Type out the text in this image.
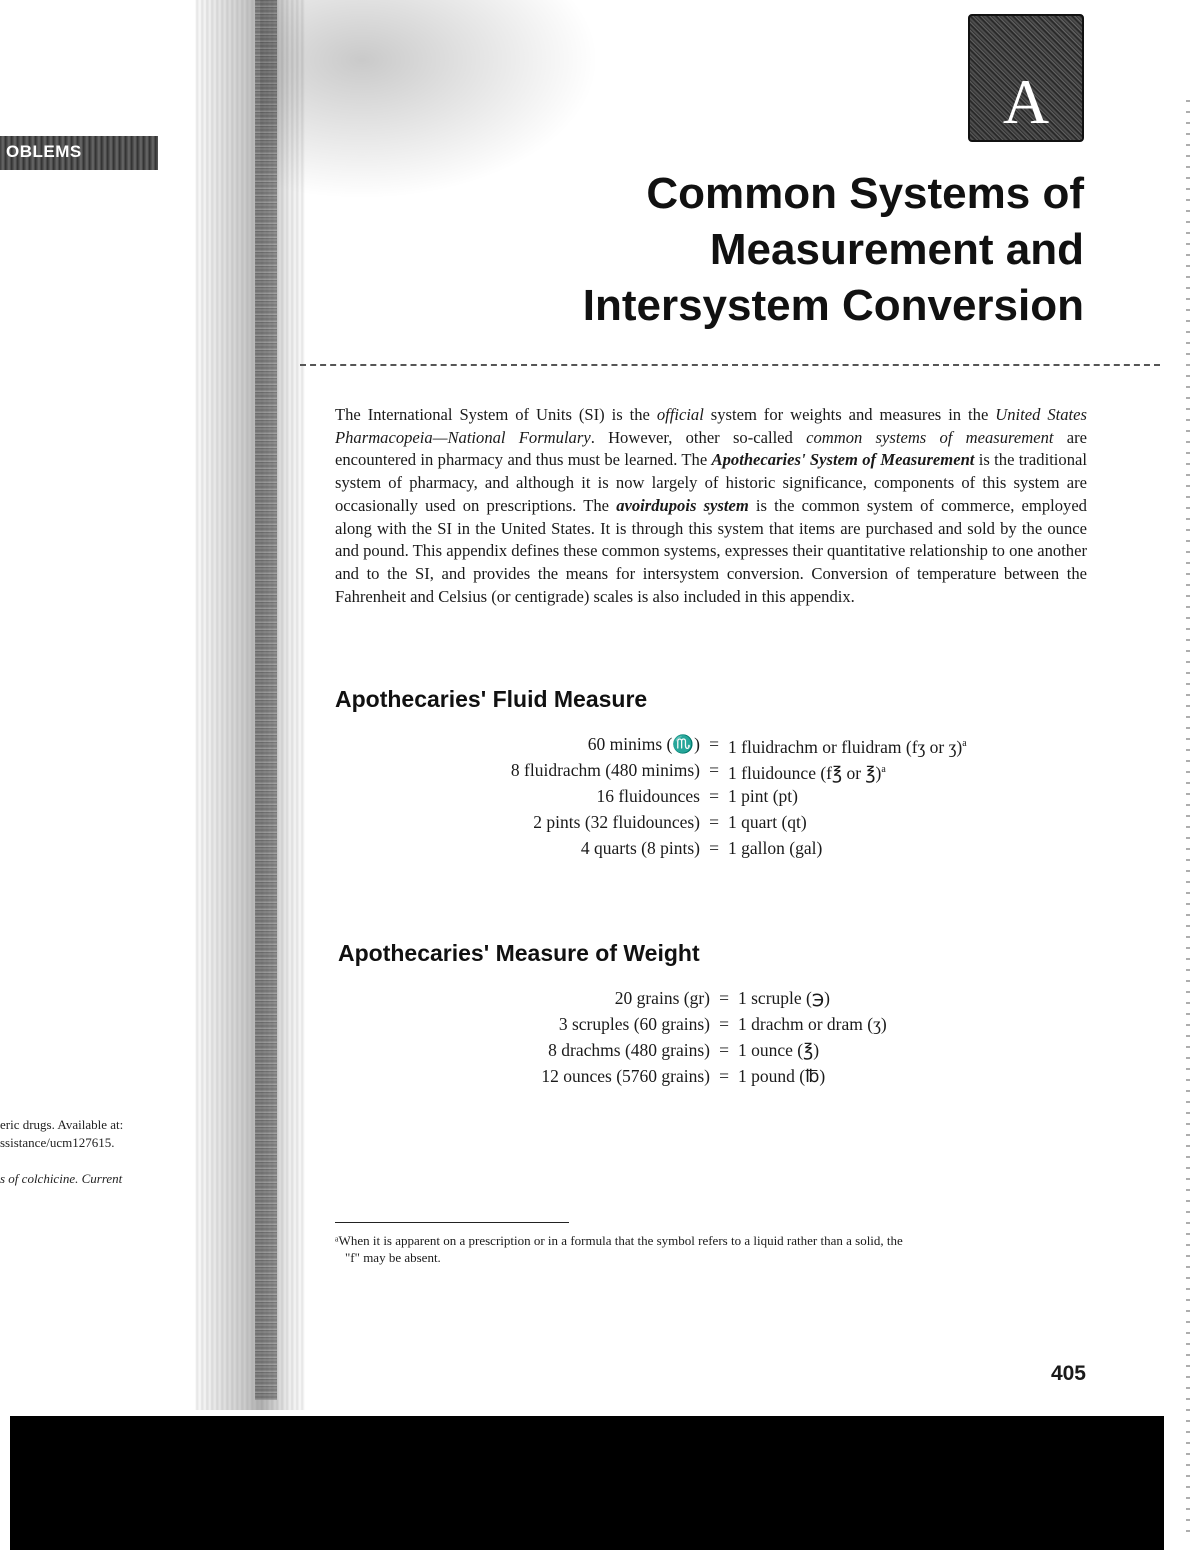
OBLEMS
A
Common Systems of
Measurement and
Intersystem Conversion
The International System of Units (SI) is the official system for weights and measures in the United States Pharmacopeia—National Formulary. However, other so-called common systems of measurement are encountered in pharmacy and thus must be learned. The Apothecaries' System of Measurement is the traditional system of pharmacy, and although it is now largely of historic significance, components of this system are occasionally used on prescriptions. The avoirdupois system is the common system of commerce, employed along with the SI in the United States. It is through this system that items are purchased and sold by the ounce and pound. This appendix defines these common systems, expresses their quantitative relationship to one another and to the SI, and provides the means for intersystem conversion. Conversion of temperature between the Fahrenheit and Celsius (or centigrade) scales is also included in this appendix.
Apothecaries' Fluid Measure
60 minims (♏) = 1 fluidrachm or fluidram (fʒ or ʒ)$^a$
8 fluidrachm (480 minims) = 1 fluidounce (f℥ or ℥)$^a$
16 fluidounces = 1 pint (pt)
2 pints (32 fluidounces) = 1 quart (qt)
4 quarts (8 pints) = 1 gallon (gal)
Apothecaries' Measure of Weight
20 grains (gr) = 1 scruple (℈)
3 scruples (60 grains) = 1 drachm or dram (ʒ)
8 drachms (480 grains) = 1 ounce (℥)
12 ounces (5760 grains) = 1 pound (℔)
eric drugs. Available at:
ssistance/ucm127615.
s of colchicine. Current
ᵃWhen it is apparent on a prescription or in a formula that the symbol refers to a liquid rather than a solid, the
"f" may be absent.
405
